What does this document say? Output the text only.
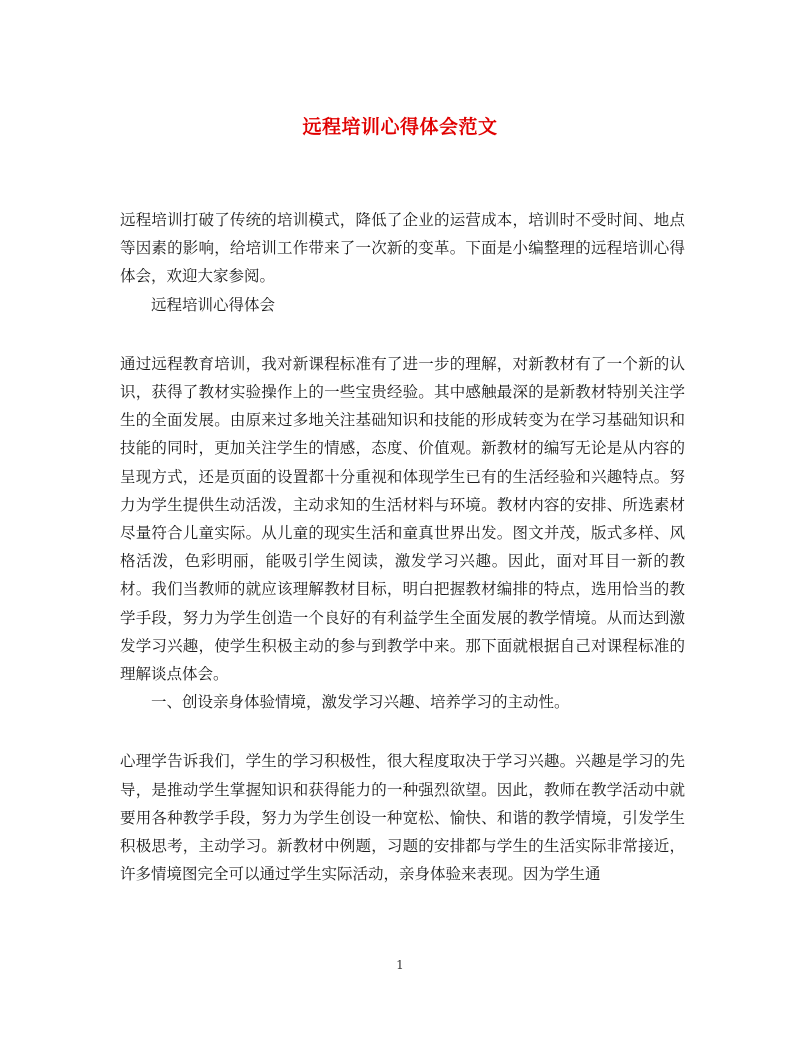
远程培训心得体会范文

远程培训打破了传统的培训模式，降低了企业的运营成本，培训时不受时间、地点等因素的影响，给培训工作带来了一次新的变革。下面是小编整理的远程培训心得体会，欢迎大家参阅。

远程培训心得体会

通过远程教育培训，我对新课程标准有了进一步的理解，对新教材有了一个新的认识，获得了教材实验操作上的一些宝贵经验。其中感触最深的是新教材特别关注学生的全面发展。由原来过多地关注基础知识和技能的形成转变为在学习基础知识和技能的同时，更加关注学生的情感，态度、价值观。新教材的编写无论是从内容的呈现方式，还是页面的设置都十分重视和体现学生已有的生活经验和兴趣特点。努力为学生提供生动活泼，主动求知的生活材料与环境。教材内容的安排、所选素材尽量符合儿童实际。从儿童的现实生活和童真世界出发。图文并茂，版式多样、风格活泼，色彩明丽，能吸引学生阅读，激发学习兴趣。因此，面对耳目一新的教材。我们当教师的就应该理解教材目标，明白把握教材编排的特点，选用恰当的教学手段，努力为学生创造一个良好的有利益学生全面发展的教学情境。从而达到激发学习兴趣，使学生积极主动的参与到教学中来。那下面就根据自己对课程标准的理解谈点体会。

一、创设亲身体验情境，激发学习兴趣、培养学习的主动性。

心理学告诉我们，学生的学习积极性，很大程度取决于学习兴趣。兴趣是学习的先导，是推动学生掌握知识和获得能力的一种强烈欲望。因此，教师在教学活动中就要用各种教学手段，努力为学生创设一种宽松、愉快、和谐的教学情境，引发学生积极思考，主动学习。新教材中例题，习题的安排都与学生的生活实际非常接近，许多情境图完全可以通过学生实际活动，亲身体验来表现。因为学生通

1
